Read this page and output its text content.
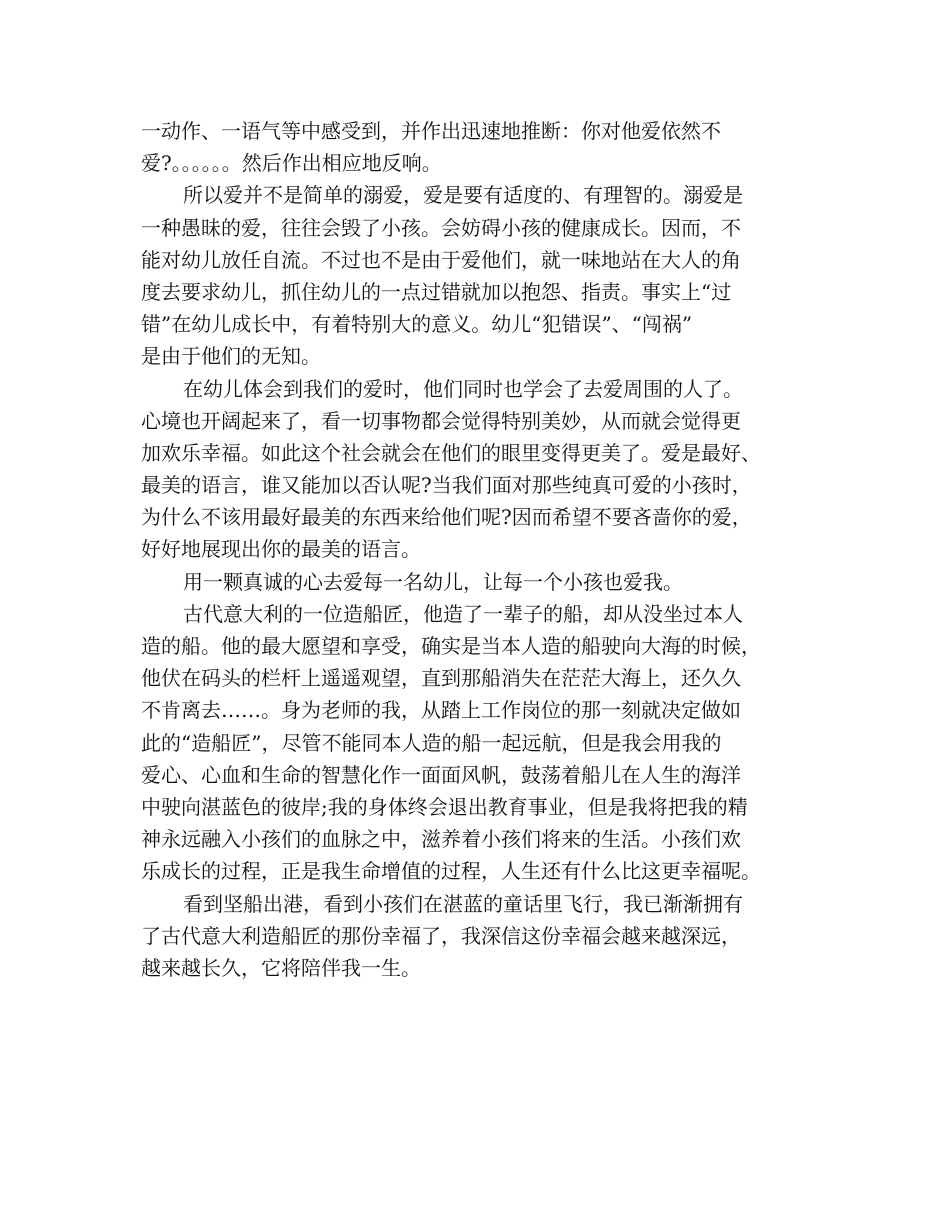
一动作、一语气等中感受到，并作出迅速地推断：你对他爱依然不
爱?。。。。。。然后作出相应地反响。
所以爱并不是简单的溺爱，爱是要有适度的、有理智的。溺爱是
一种愚昧的爱，往往会毁了小孩。会妨碍小孩的健康成长。因而，不
能对幼儿放任自流。不过也不是由于爱他们，就一味地站在大人的角
度去要求幼儿，抓住幼儿的一点过错就加以抱怨、指责。事实上“过
错”在幼儿成长中，有着特别大的意义。幼儿“犯错误”、“闯祸”
是由于他们的无知。
在幼儿体会到我们的爱时，他们同时也学会了去爱周围的人了。
心境也开阔起来了，看一切事物都会觉得特别美妙，从而就会觉得更
加欢乐幸福。如此这个社会就会在他们的眼里变得更美了。爱是最好、
最美的语言，谁又能加以否认呢?当我们面对那些纯真可爱的小孩时，
为什么不该用最好最美的东西来给他们呢?因而希望不要吝啬你的爱，
好好地展现出你的最美的语言。
用一颗真诚的心去爱每一名幼儿，让每一个小孩也爱我。
古代意大利的一位造船匠，他造了一辈子的船，却从没坐过本人
造的船。他的最大愿望和享受，确实是当本人造的船驶向大海的时候，
他伏在码头的栏杆上遥遥观望，直到那船消失在茫茫大海上，还久久
不肯离去……。身为老师的我，从踏上工作岗位的那一刻就决定做如
此的“造船匠”，尽管不能同本人造的船一起远航，但是我会用我的
爱心、心血和生命的智慧化作一面面风帆，鼓荡着船儿在人生的海洋
中驶向湛蓝色的彼岸;我的身体终会退出教育事业，但是我将把我的精
神永远融入小孩们的血脉之中，滋养着小孩们将来的生活。小孩们欢
乐成长的过程，正是我生命增值的过程，人生还有什么比这更幸福呢。
看到坚船出港，看到小孩们在湛蓝的童话里飞行，我已渐渐拥有
了古代意大利造船匠的那份幸福了，我深信这份幸福会越来越深远，
越来越长久，它将陪伴我一生。
